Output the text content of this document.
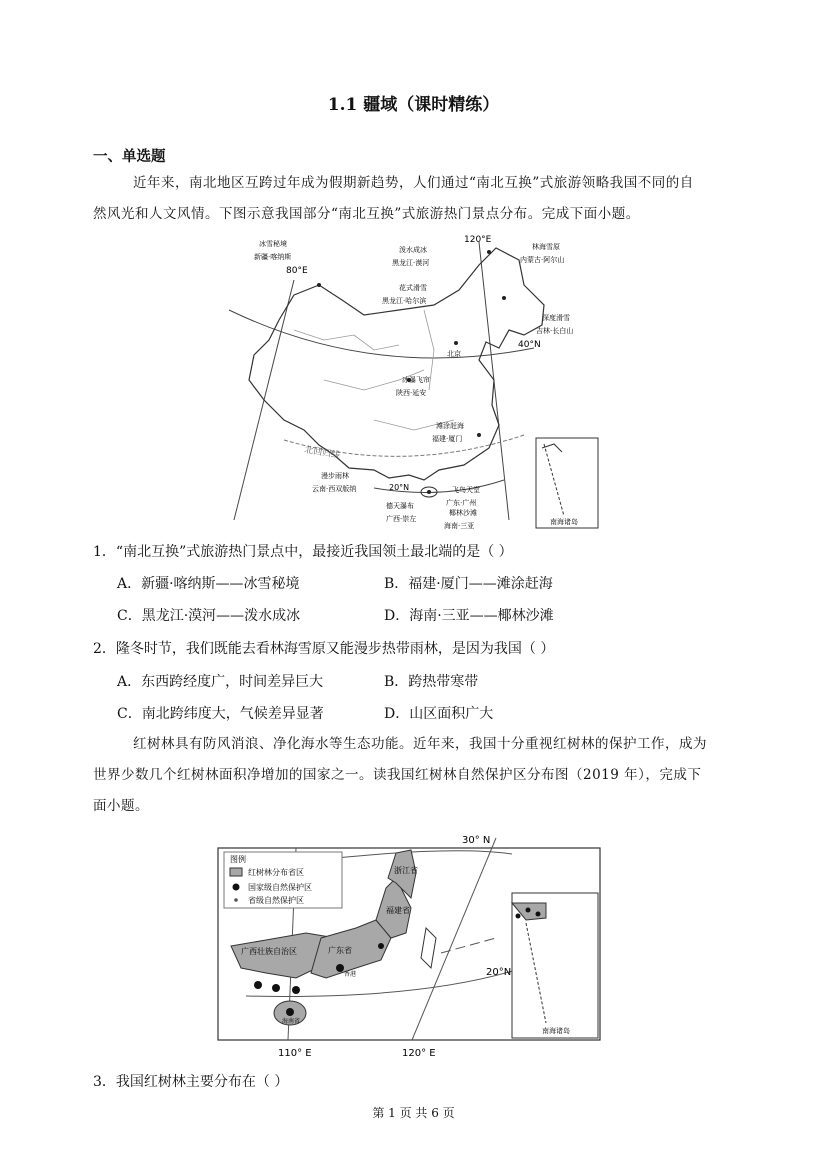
1.1 疆域（课时精练）
一、单选题
近年来，南北地区互跨过年成为假期新趋势，人们通过“南北互换”式旅游领略我国不同的自
然风光和人文风情。下图示意我国部分“南北互换”式旅游热门景点分布。完成下面小题。
南海诸岛
冰雪秘境
新疆·喀纳斯
80°E
120°E
泼水成冰
黑龙江·漠河
林海雪原
内蒙古·阿尔山
花式滑雪
黑龙江·哈尔滨
深度滑雪
吉林·长白山
40°N
北京
冰瀑飞帘
陕西·延安
滩涂赶海
福建·厦门
北回归线
漫步雨林
云南·西双版纳	20°N	飞鸟天堂
广东·广州
德天瀑布
广西·崇左
椰林沙滩
海南·三亚
1．“南北互换”式旅游热门景点中，最接近我国领土最北端的是（ ）
A．新疆·喀纳斯——冰雪秘境	B．福建·厦门——滩涂赶海
C．黑龙江·漠河——泼水成冰	D．海南·三亚——椰林沙滩
2．隆冬时节，我们既能去看林海雪原又能漫步热带雨林，是因为我国（ ）
A．东西跨经度广，时间差异巨大	B．跨热带寒带
C．南北跨纬度大，气候差异显著	D．山区面积广大
红树林具有防风消浪、净化海水等生态功能。近年来，我国十分重视红树林的保护工作，成为
世界少数几个红树林面积净增加的国家之一。读我国红树林自然保护区分布图（2019 年），完成下
面小题。
图例
红树林分布省区
国家级自然保护区
省级自然保护区
30° N
20°N
110° E	120° E
浙江省
福建省
广西壮族自治区	广东省
香港
海南省
南海诸岛
3．我国红树林主要分布在（ ）
第 1 页 共 6 页
